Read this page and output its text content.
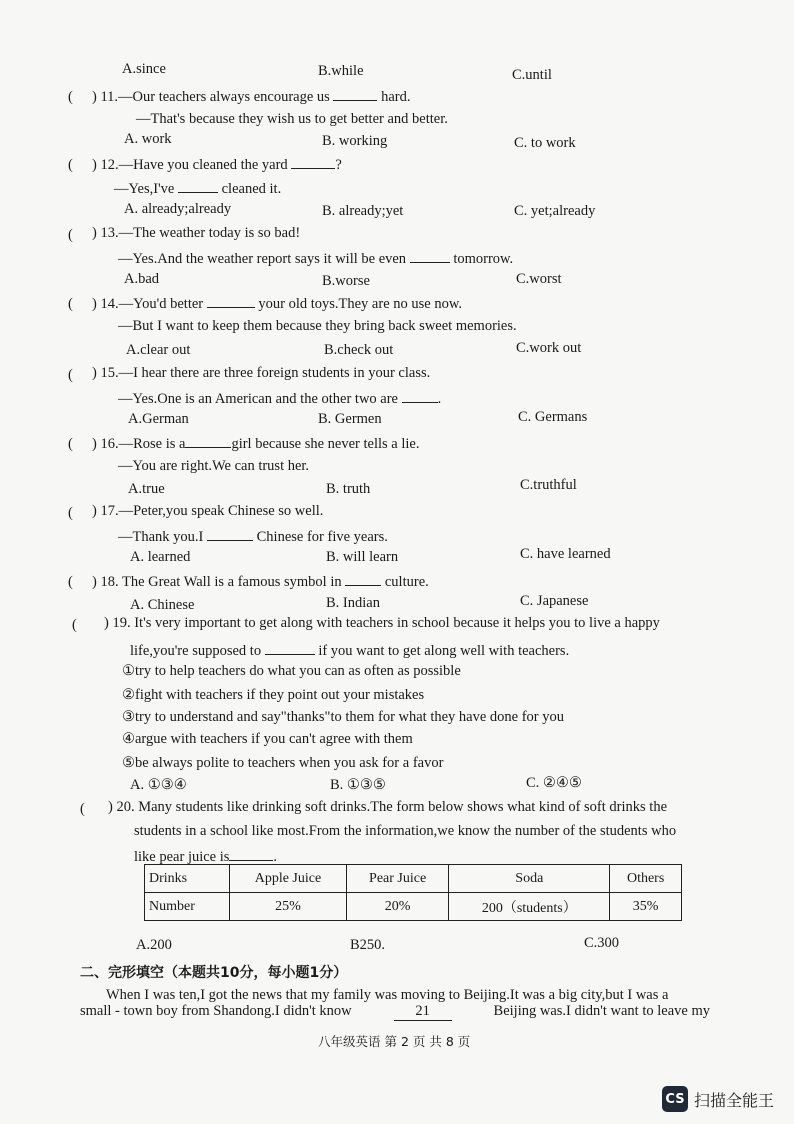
A.since	B.while	C.until
( ) 11.—Our teachers always encourage us	hard.
—That's because they wish us to get better and better.
A. work	B. working	C. to work
( ) 12.—Have you cleaned the yard	?
—Yes,I've	cleaned it.
A. already;already	B. already;yet	C. yet;already
( ) 13.—The weather today is so bad!
—Yes.And the weather report says it will be even	tomorrow.
A.bad	B.worse	C.worst
( ) 14.—You'd better	your old toys.They are no use now.
—But I want to keep them because they bring back sweet memories.
A.clear out	B.check out	C.work out
( ) 15.—I hear there are three foreign students in your class.
—Yes.One is an American and the other two are	.
A.German	B. Germen	C. Germans
( ) 16.—Rose is a	girl because she never tells a lie.
—You are right.We can trust her.
A.true	B. truth	C.truthful
( ) 17.—Peter,you speak Chinese so well.
—Thank you.I	Chinese for five years.
A. learned	B. will learn	C. have learned
( ) 18. The Great Wall is a famous symbol in	culture.
A. Chinese	B. Indian	C. Japanese
( ) 19. It's very important to get along with teachers in school because it helps you to live a happy
life,you're supposed to	if you want to get along well with teachers.
①try to help teachers do what you can as often as possible
②fight with teachers if they point out your mistakes
③try to understand and say"thanks"to them for what they have done for you
④argue with teachers if you can't agree with them
⑤be always polite to teachers when you ask for a favor
A. ①③④	B. ①③⑤	C. ②④⑤
( ) 20. Many students like drinking soft drinks.The form below shows what kind of soft drinks the
students in a school like most.From the information,we know the number of the students who
like pear juice is	.
Drinks	Apple Juice	Pear Juice	Soda	Others
Number	25%	20%	200（students）	35%
A.200	B250.	C.300
二、完形填空（本题共10分，每小题1分）
When I was ten,I got the news that my family was moving to Beijing.It was a big city,but I was a
small - town boy from Shandong.I didn't know	21	Beijing was.I didn't want to leave my
八年级英语 第 2 页 共 8 页
CS 扫描全能王
